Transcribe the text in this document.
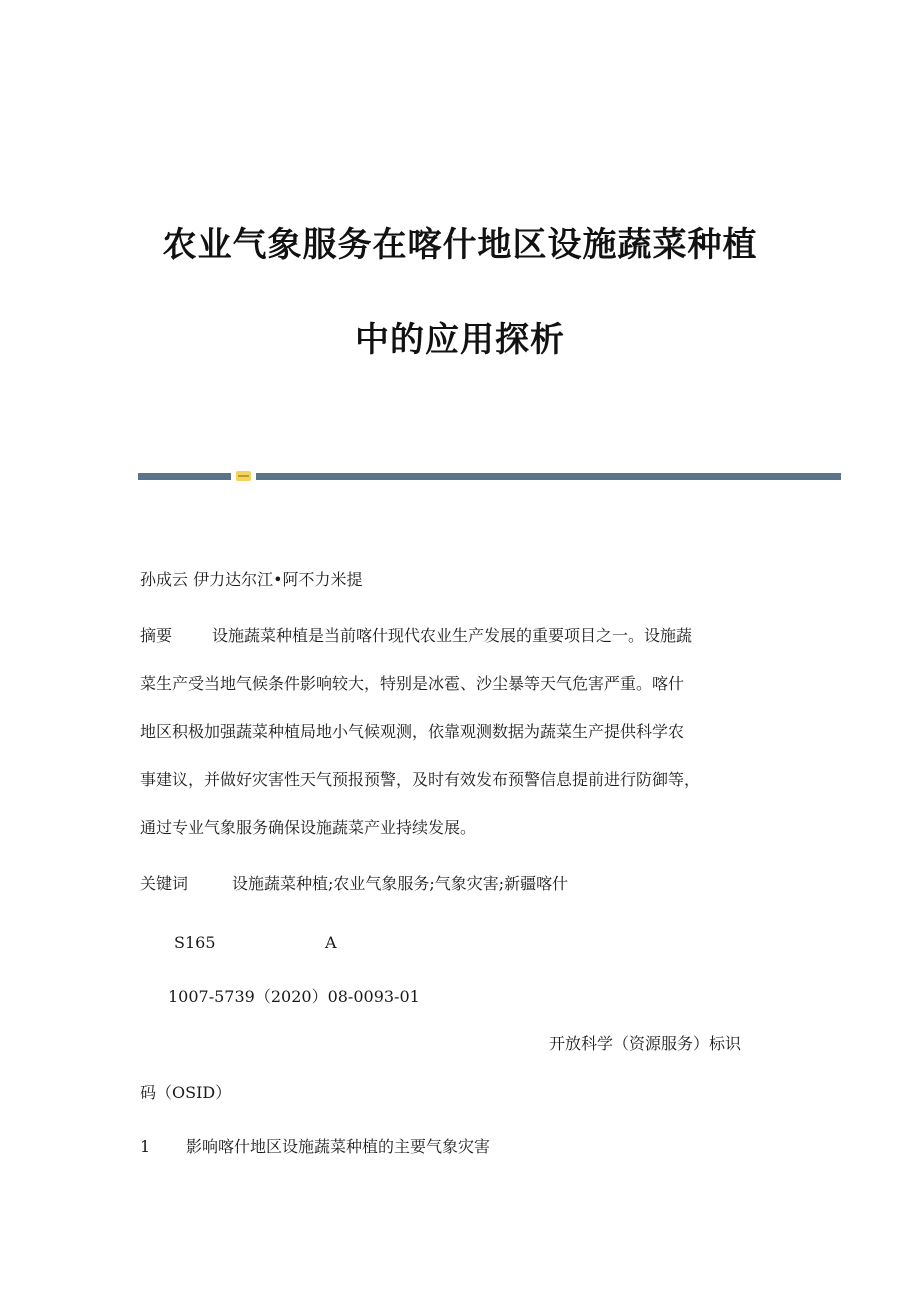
农业气象服务在喀什地区设施蔬菜种植
中的应用探析
孙成云 伊力达尔江•阿不力米提
摘要 设施蔬菜种植是当前喀什现代农业生产发展的重要项目之一。设施蔬
菜生产受当地气候条件影响较大，特别是冰雹、沙尘暴等天气危害严重。喀什
地区积极加强蔬菜种植局地小气候观测，依靠观测数据为蔬菜生产提供科学农
事建议，并做好灾害性天气预报预警，及时有效发布预警信息提前进行防御等，
通过专业气象服务确保设施蔬菜产业持续发展。
关键词	设施蔬菜种植;农业气象服务;气象灾害;新疆喀什
S165	A
1007-5739（2020）08-0093-01
开放科学（资源服务）标识
码（OSID）
1 影响喀什地区设施蔬菜种植的主要气象灾害
